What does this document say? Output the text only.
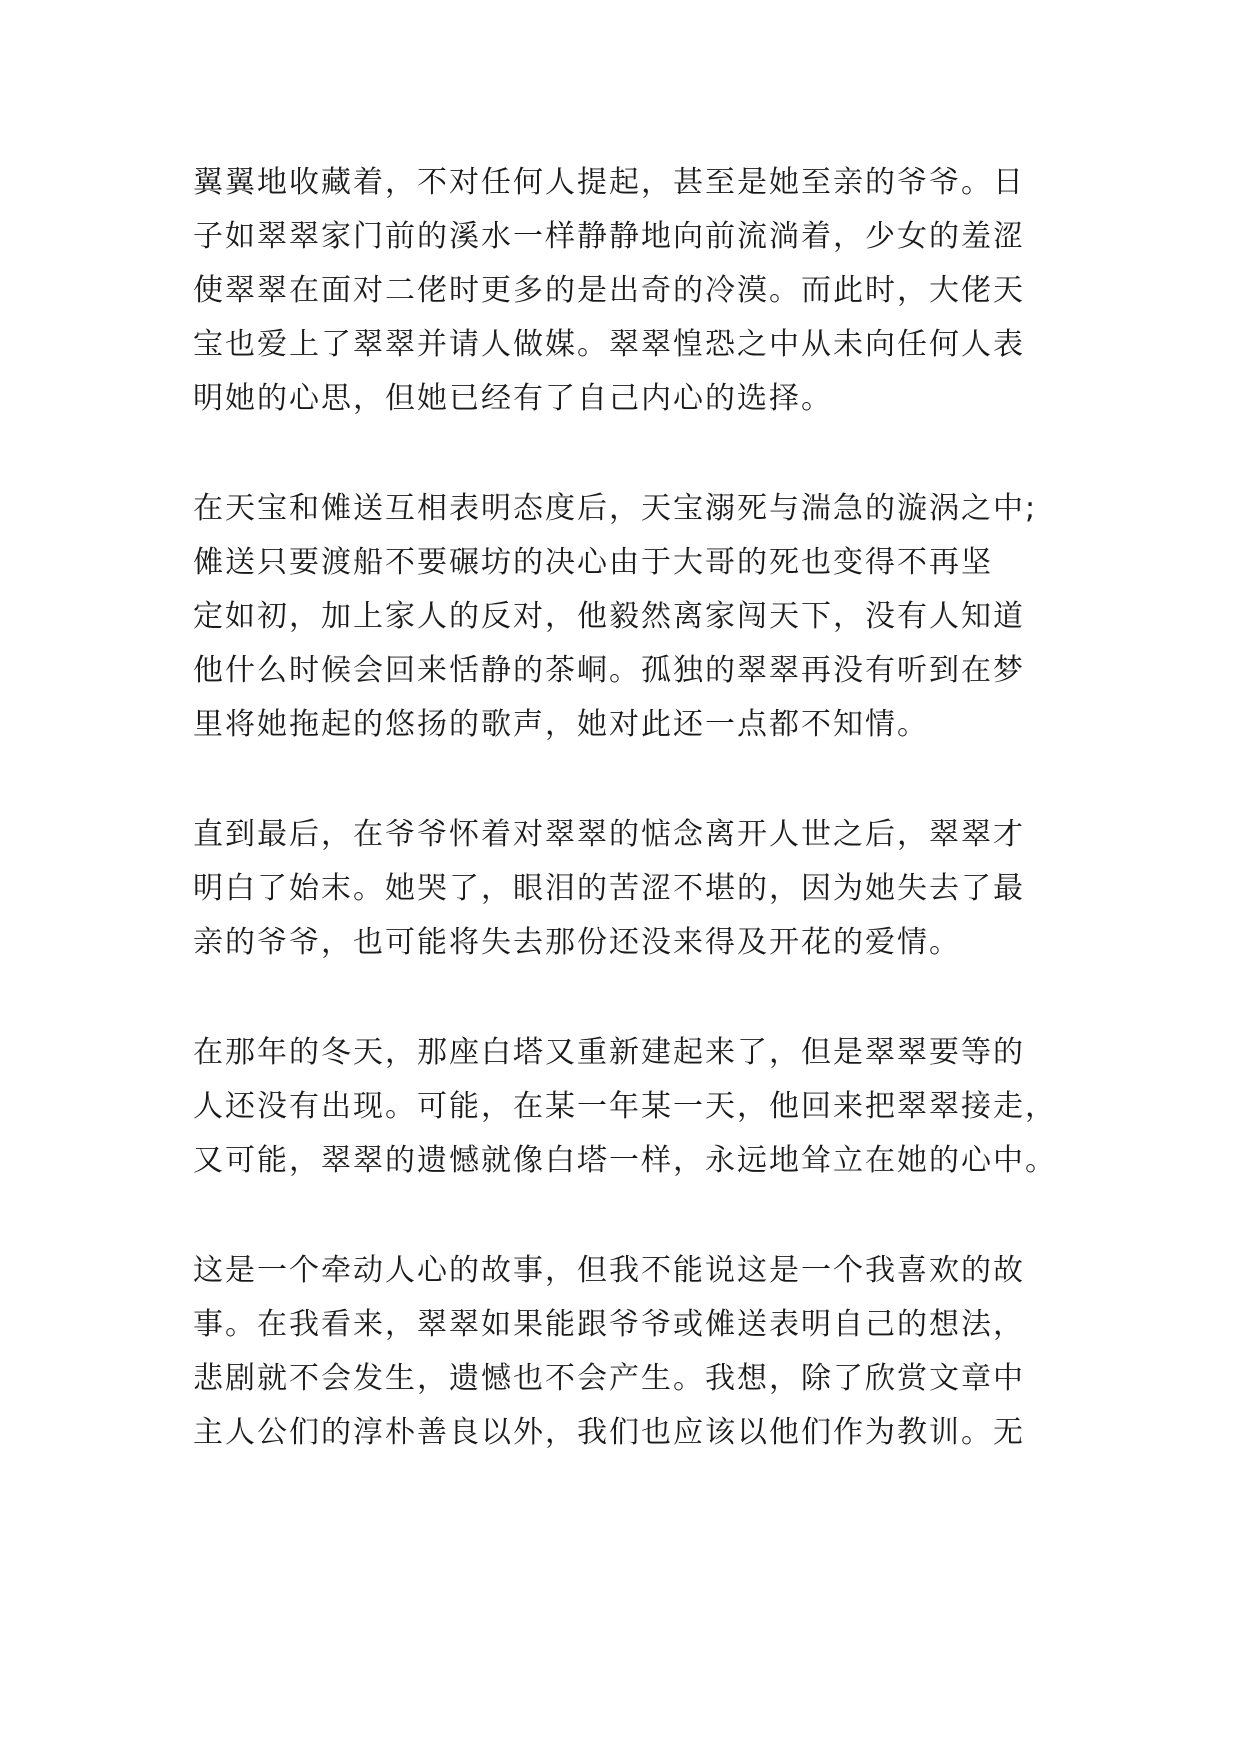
翼翼地收藏着，不对任何人提起，甚至是她至亲的爷爷。日
子如翠翠家门前的溪水一样静静地向前流淌着，少女的羞涩
使翠翠在面对二佬时更多的是出奇的冷漠。而此时，大佬天
宝也爱上了翠翠并请人做媒。翠翠惶恐之中从未向任何人表
明她的心思，但她已经有了自己内心的选择。
在天宝和傩送互相表明态度后，天宝溺死与湍急的漩涡之中;
傩送只要渡船不要碾坊的决心由于大哥的死也变得不再坚
定如初，加上家人的反对，他毅然离家闯天下，没有人知道
他什么时候会回来恬静的茶峒。孤独的翠翠再没有听到在梦
里将她拖起的悠扬的歌声，她对此还一点都不知情。
直到最后，在爷爷怀着对翠翠的惦念离开人世之后，翠翠才
明白了始末。她哭了，眼泪的苦涩不堪的，因为她失去了最
亲的爷爷，也可能将失去那份还没来得及开花的爱情。
在那年的冬天，那座白塔又重新建起来了，但是翠翠要等的
人还没有出现。可能，在某一年某一天，他回来把翠翠接走，
又可能，翠翠的遗憾就像白塔一样，永远地耸立在她的心中。
这是一个牵动人心的故事，但我不能说这是一个我喜欢的故
事。在我看来，翠翠如果能跟爷爷或傩送表明自己的想法，
悲剧就不会发生，遗憾也不会产生。我想，除了欣赏文章中
主人公们的淳朴善良以外，我们也应该以他们作为教训。无
